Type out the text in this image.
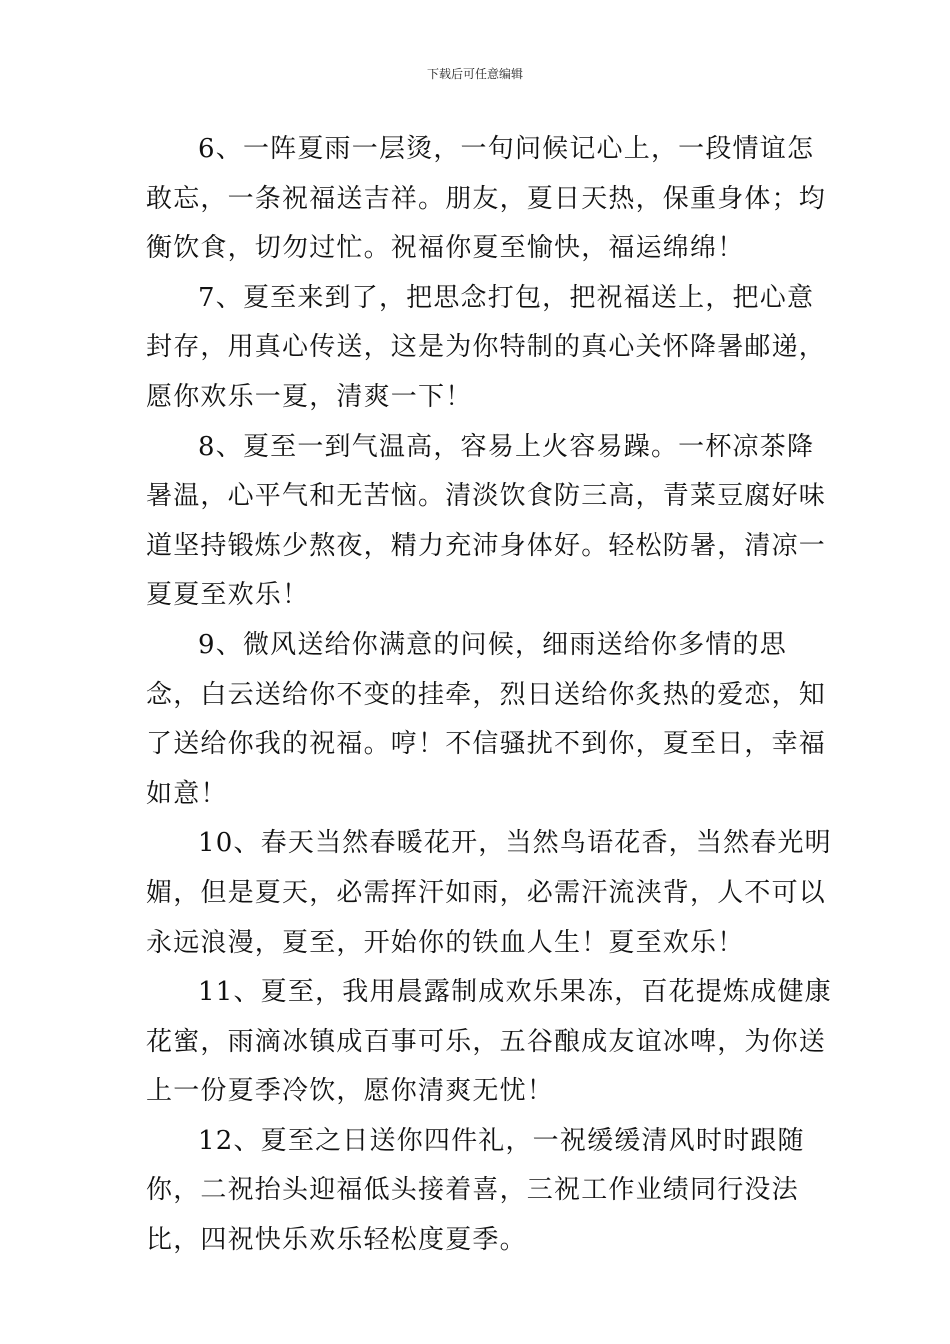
下载后可任意编辑

6、一阵夏雨一层烫，一句问候记心上，一段情谊怎敢忘，一条祝福送吉祥。朋友，夏日天热，保重身体；均衡饮食，切勿过忙。祝福你夏至愉快，福运绵绵！

7、夏至来到了，把思念打包，把祝福送上，把心意封存，用真心传送，这是为你特制的真心关怀降暑邮递，愿你欢乐一夏，清爽一下！

8、夏至一到气温高，容易上火容易躁。一杯凉茶降暑温，心平气和无苦恼。清淡饮食防三高，青菜豆腐好味道坚持锻炼少熬夜，精力充沛身体好。轻松防暑，清凉一夏夏至欢乐！

9、微风送给你满意的问候，细雨送给你多情的思念，白云送给你不变的挂牵，烈日送给你炙热的爱恋，知了送给你我的祝福。哼！不信骚扰不到你，夏至日，幸福如意！

10、春天当然春暖花开，当然鸟语花香，当然春光明媚，但是夏天，必需挥汗如雨，必需汗流浃背，人不可以永远浪漫，夏至，开始你的铁血人生！夏至欢乐！

11、夏至，我用晨露制成欢乐果冻，百花提炼成健康花蜜，雨滴冰镇成百事可乐，五谷酿成友谊冰啤，为你送上一份夏季冷饮，愿你清爽无忧！

12、夏至之日送你四件礼，一祝缓缓清风时时跟随你，二祝抬头迎福低头接着喜，三祝工作业绩同行没法比，四祝快乐欢乐轻松度夏季。
